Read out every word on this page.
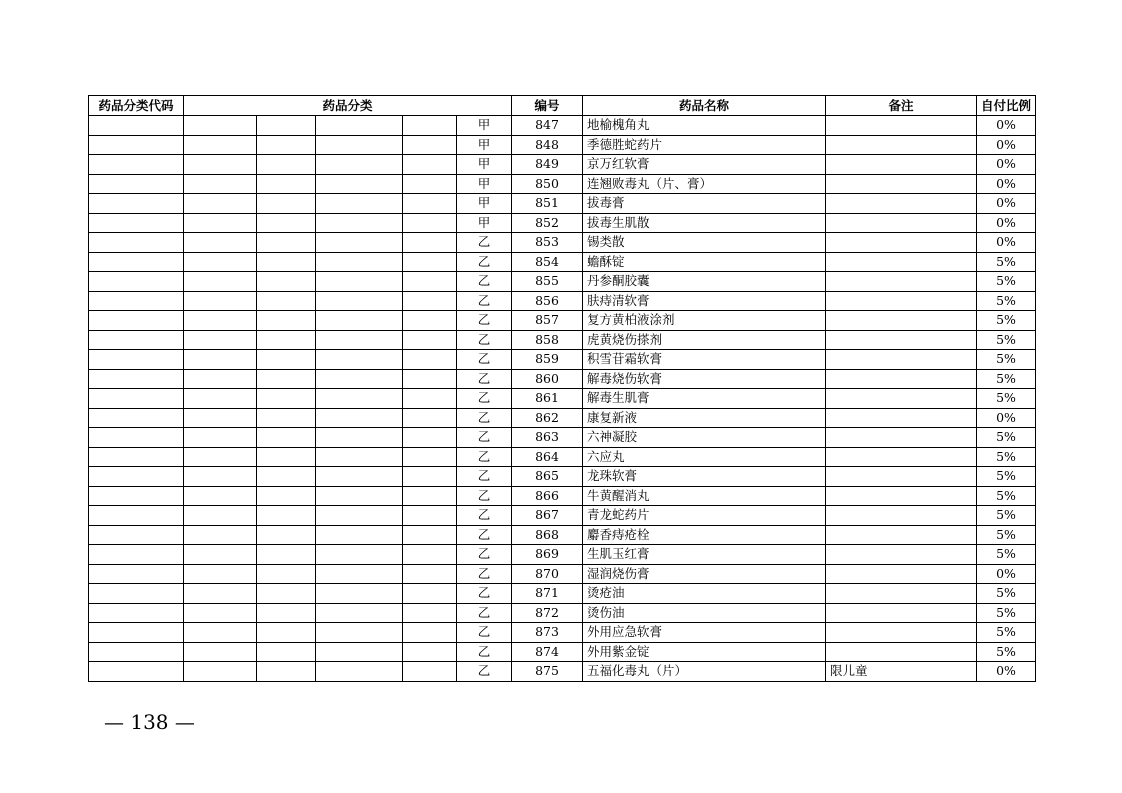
药品分类代码	药品分类					编号	药品名称	备注	自付比例
					甲	847	地榆槐角丸		0%
					甲	848	季德胜蛇药片		0%
					甲	849	京万红软膏		0%
					甲	850	连翘败毒丸（片、膏）		0%
					甲	851	拔毒膏		0%
					甲	852	拔毒生肌散		0%
					乙	853	锡类散		0%
					乙	854	蟾酥锭		5%
					乙	855	丹参酮胶囊		5%
					乙	856	肤痔清软膏		5%
					乙	857	复方黄柏液涂剂		5%
					乙	858	虎黄烧伤搽剂		5%
					乙	859	积雪苷霜软膏		5%
					乙	860	解毒烧伤软膏		5%
					乙	861	解毒生肌膏		5%
					乙	862	康复新液		0%
					乙	863	六神凝胶		5%
					乙	864	六应丸		5%
					乙	865	龙珠软膏		5%
					乙	866	牛黄醒消丸		5%
					乙	867	青龙蛇药片		5%
					乙	868	麝香痔疮栓		5%
					乙	869	生肌玉红膏		5%
					乙	870	湿润烧伤膏		0%
					乙	871	烫疮油		5%
					乙	872	烫伤油		5%
					乙	873	外用应急软膏		5%
					乙	874	外用紫金锭		5%
					乙	875	五福化毒丸（片）	限儿童	0%
— 138 —
